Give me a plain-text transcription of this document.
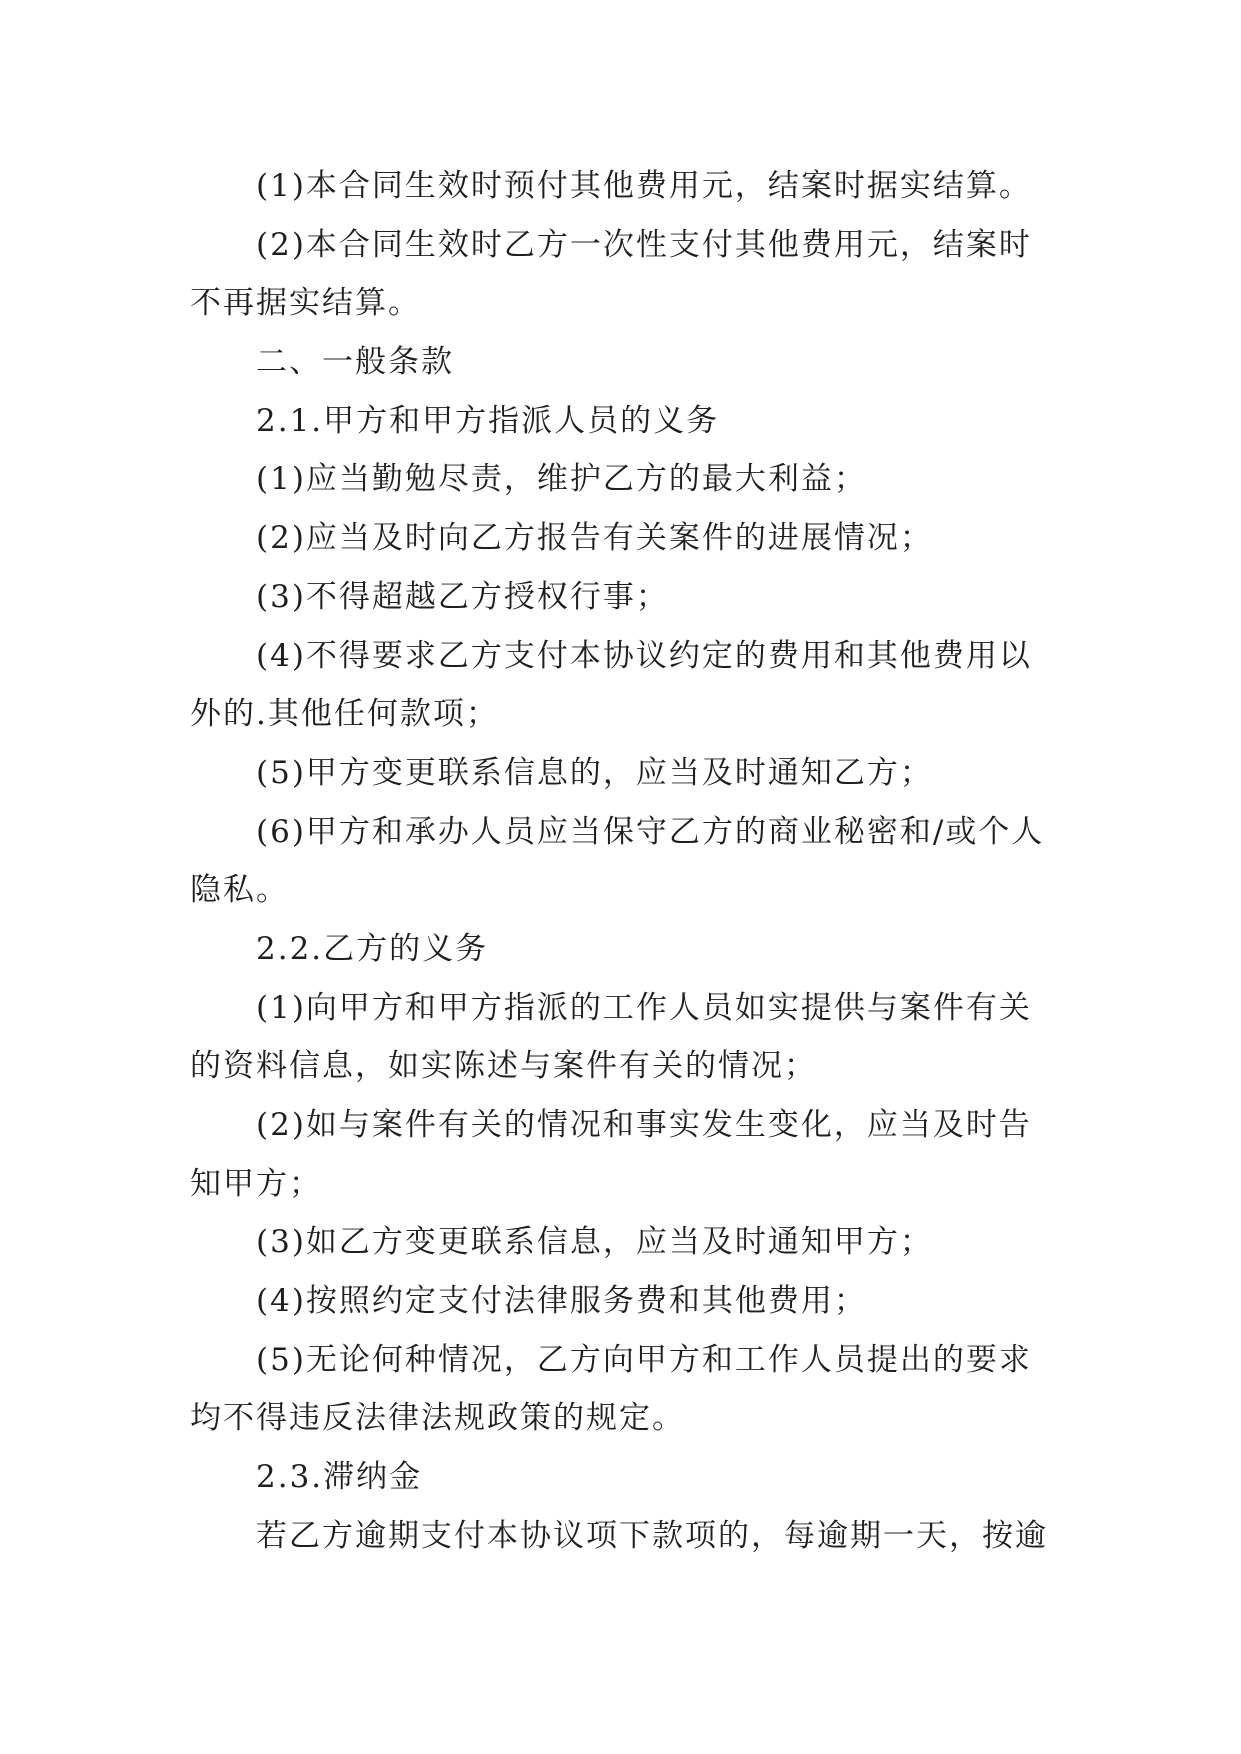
(1)本合同生效时预付其他费用元，结案时据实结算。

(2)本合同生效时乙方一次性支付其他费用元，结案时

不再据实结算。

二、一般条款

2.1.甲方和甲方指派人员的义务

(1)应当勤勉尽责，维护乙方的最大利益；

(2)应当及时向乙方报告有关案件的进展情况；

(3)不得超越乙方授权行事；

(4)不得要求乙方支付本协议约定的费用和其他费用以

外的.其他任何款项；

(5)甲方变更联系信息的，应当及时通知乙方；

(6)甲方和承办人员应当保守乙方的商业秘密和/或个人

隐私。

2.2.乙方的义务

(1)向甲方和甲方指派的工作人员如实提供与案件有关

的资料信息，如实陈述与案件有关的情况；

(2)如与案件有关的情况和事实发生变化，应当及时告

知甲方；

(3)如乙方变更联系信息，应当及时通知甲方；

(4)按照约定支付法律服务费和其他费用；

(5)无论何种情况，乙方向甲方和工作人员提出的要求

均不得违反法律法规政策的规定。

2.3.滞纳金

若乙方逾期支付本协议项下款项的，每逾期一天，按逾
